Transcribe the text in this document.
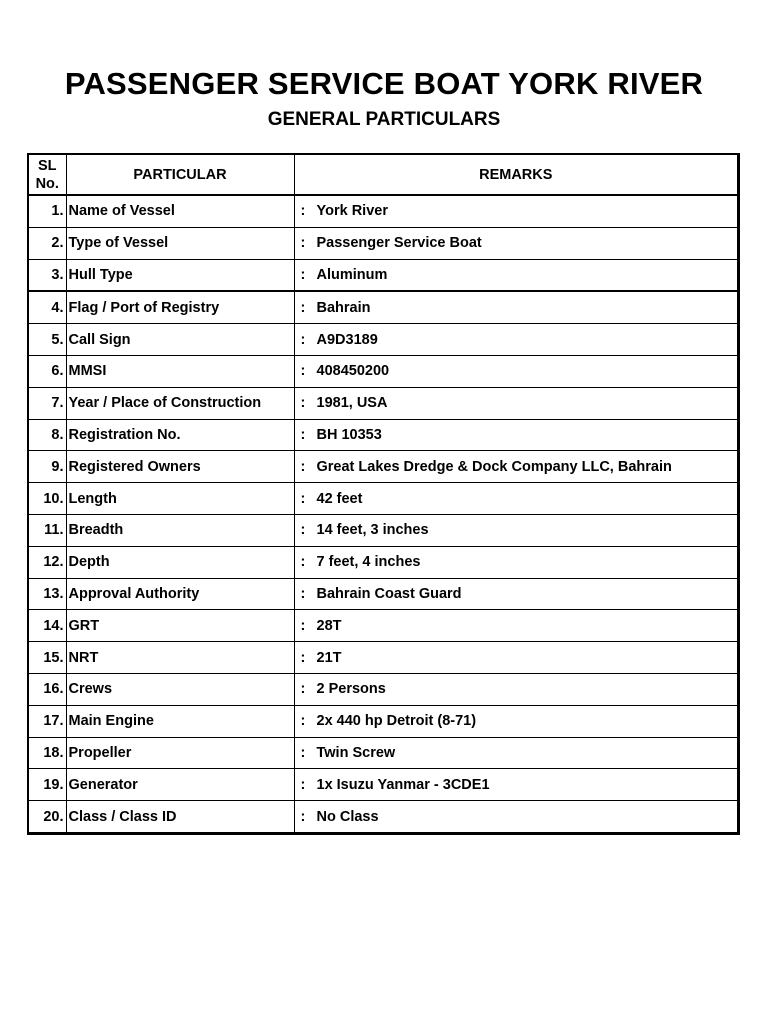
PASSENGER SERVICE BOAT YORK RIVER
GENERAL PARTICULARS
SL
No.	PARTICULAR	REMARKS
1.	Name of Vessel	: York River
2.	Type of Vessel	: Passenger Service Boat
3.	Hull Type	: Aluminum
4.	Flag / Port of Registry	: Bahrain
5.	Call Sign	: A9D3189
6.	MMSI	: 408450200
7.	Year / Place of Construction	: 1981, USA
8.	Registration No.	: BH 10353
9.	Registered Owners	: Great Lakes Dredge & Dock Company LLC, Bahrain
10.	Length	: 42 feet
11.	Breadth	: 14 feet, 3 inches
12.	Depth	: 7 feet, 4 inches
13.	Approval Authority	: Bahrain Coast Guard
14.	GRT	: 28T
15.	NRT	: 21T
16.	Crews	: 2 Persons
17.	Main Engine	: 2x 440 hp Detroit (8-71)
18.	Propeller	: Twin Screw
19.	Generator	: 1x Isuzu Yanmar - 3CDE1
20.	Class / Class ID	: No Class
